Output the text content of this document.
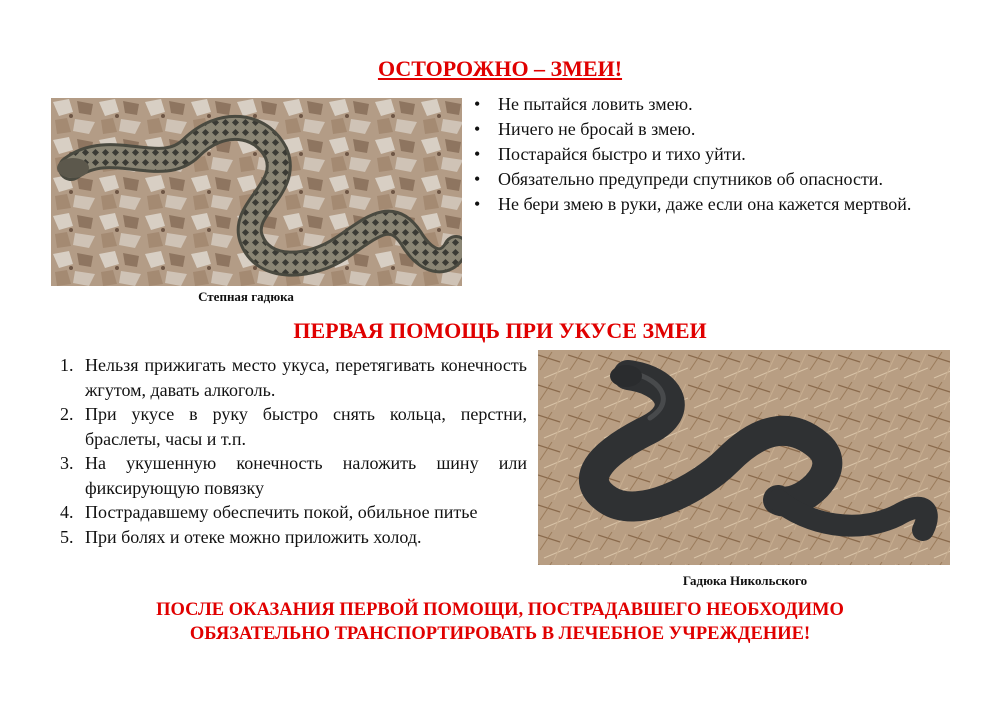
ОСТОРОЖНО – ЗМЕИ!
Степная гадюка
• Не пытайся ловить змею.
• Ничего не бросай в змею.
• Постарайся быстро и тихо уйти.
• Обязательно предупреди спутников об опасности.
• Не бери змею в руки, даже если она кажется мертвой.
ПЕРВАЯ ПОМОЩЬ ПРИ УКУСЕ ЗМЕИ
1. Нельзя прижигать место укуса, перетягивать конечность жгутом, давать алкоголь.
2. При укусе в руку быстро снять кольца, перстни, браслеты, часы и т.п.
3. На укушенную конечность наложить шину или фиксирующую повязку
4. Пострадавшему обеспечить покой, обильное питье
5. При болях и отеке можно приложить холод.
Гадюка Никольского
ПОСЛЕ ОКАЗАНИЯ ПЕРВОЙ ПОМОЩИ, ПОСТРАДАВШЕГО НЕОБХОДИМО
ОБЯЗАТЕЛЬНО ТРАНСПОРТИРОВАТЬ В ЛЕЧЕБНОЕ УЧРЕЖДЕНИЕ!
